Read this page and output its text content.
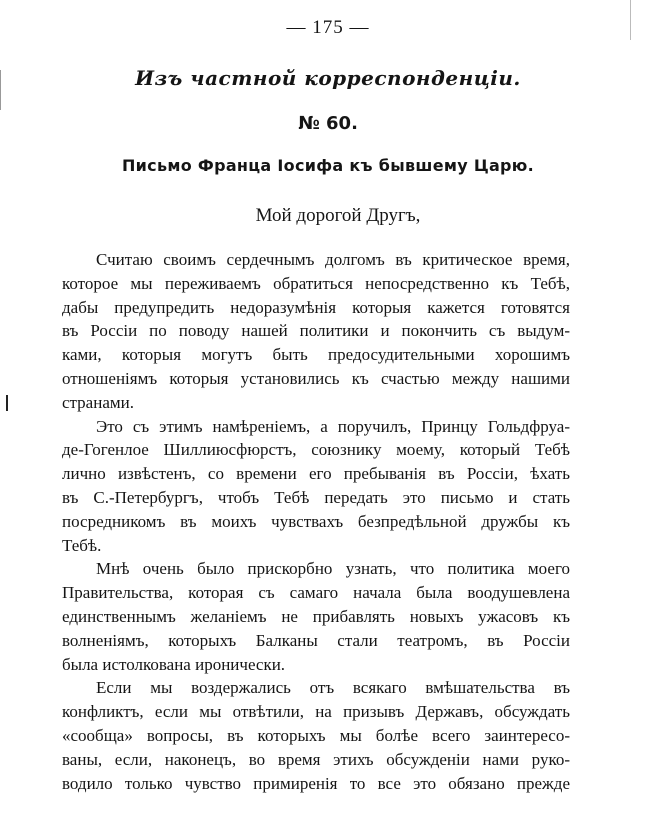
— 175 —
Изъ частной корреспонденціи.
№ 60.
Письмо Франца Іосифа къ бывшему Царю.
Мой дорогой Другъ,
Считаю своимъ сердечнымъ долгомъ въ критическое время,
которое мы переживаемъ обратиться непосредственно къ Тебѣ,
дабы предупредить недоразумѣнія которыя кажется готовятся
въ Россіи по поводу нашей политики и покончить съ выдум-
ками, которыя могутъ быть предосудительными хорошимъ
отношеніямъ которыя установились къ счастью между нашими
странами.
Это съ этимъ намѣреніемъ, а поручилъ, Принцу Гольдфруа-
де-Гогенлое Шиллиюсфюрстъ, союзнику моему, который Тебѣ
лично извѣстенъ, со времени его пребыванія въ Россіи, ѣхать
въ С.-Петербургъ, чтобъ Тебѣ передать это письмо и стать
посредникомъ въ моихъ чувствахъ безпредѣльной дружбы къ
Тебѣ.
Мнѣ очень было прискорбно узнать, что политика моего
Правительства, которая съ самаго начала была воодушевлена
единственнымъ желаніемъ не прибавлять новыхъ ужасовъ къ
волненіямъ, которыхъ Балканы стали театромъ, въ Россіи
была истолкована иронически.
Если мы воздержались отъ всякаго вмѣшательства въ
конфликтъ, если мы отвѣтили, на призывъ Державъ, обсуждать
«сообща» вопросы, въ которыхъ мы болѣе всего заинтересо-
ваны, если, наконецъ, во время этихъ обсужденіи нами руко-
водило только чувство примиренія то все это обязано прежде
